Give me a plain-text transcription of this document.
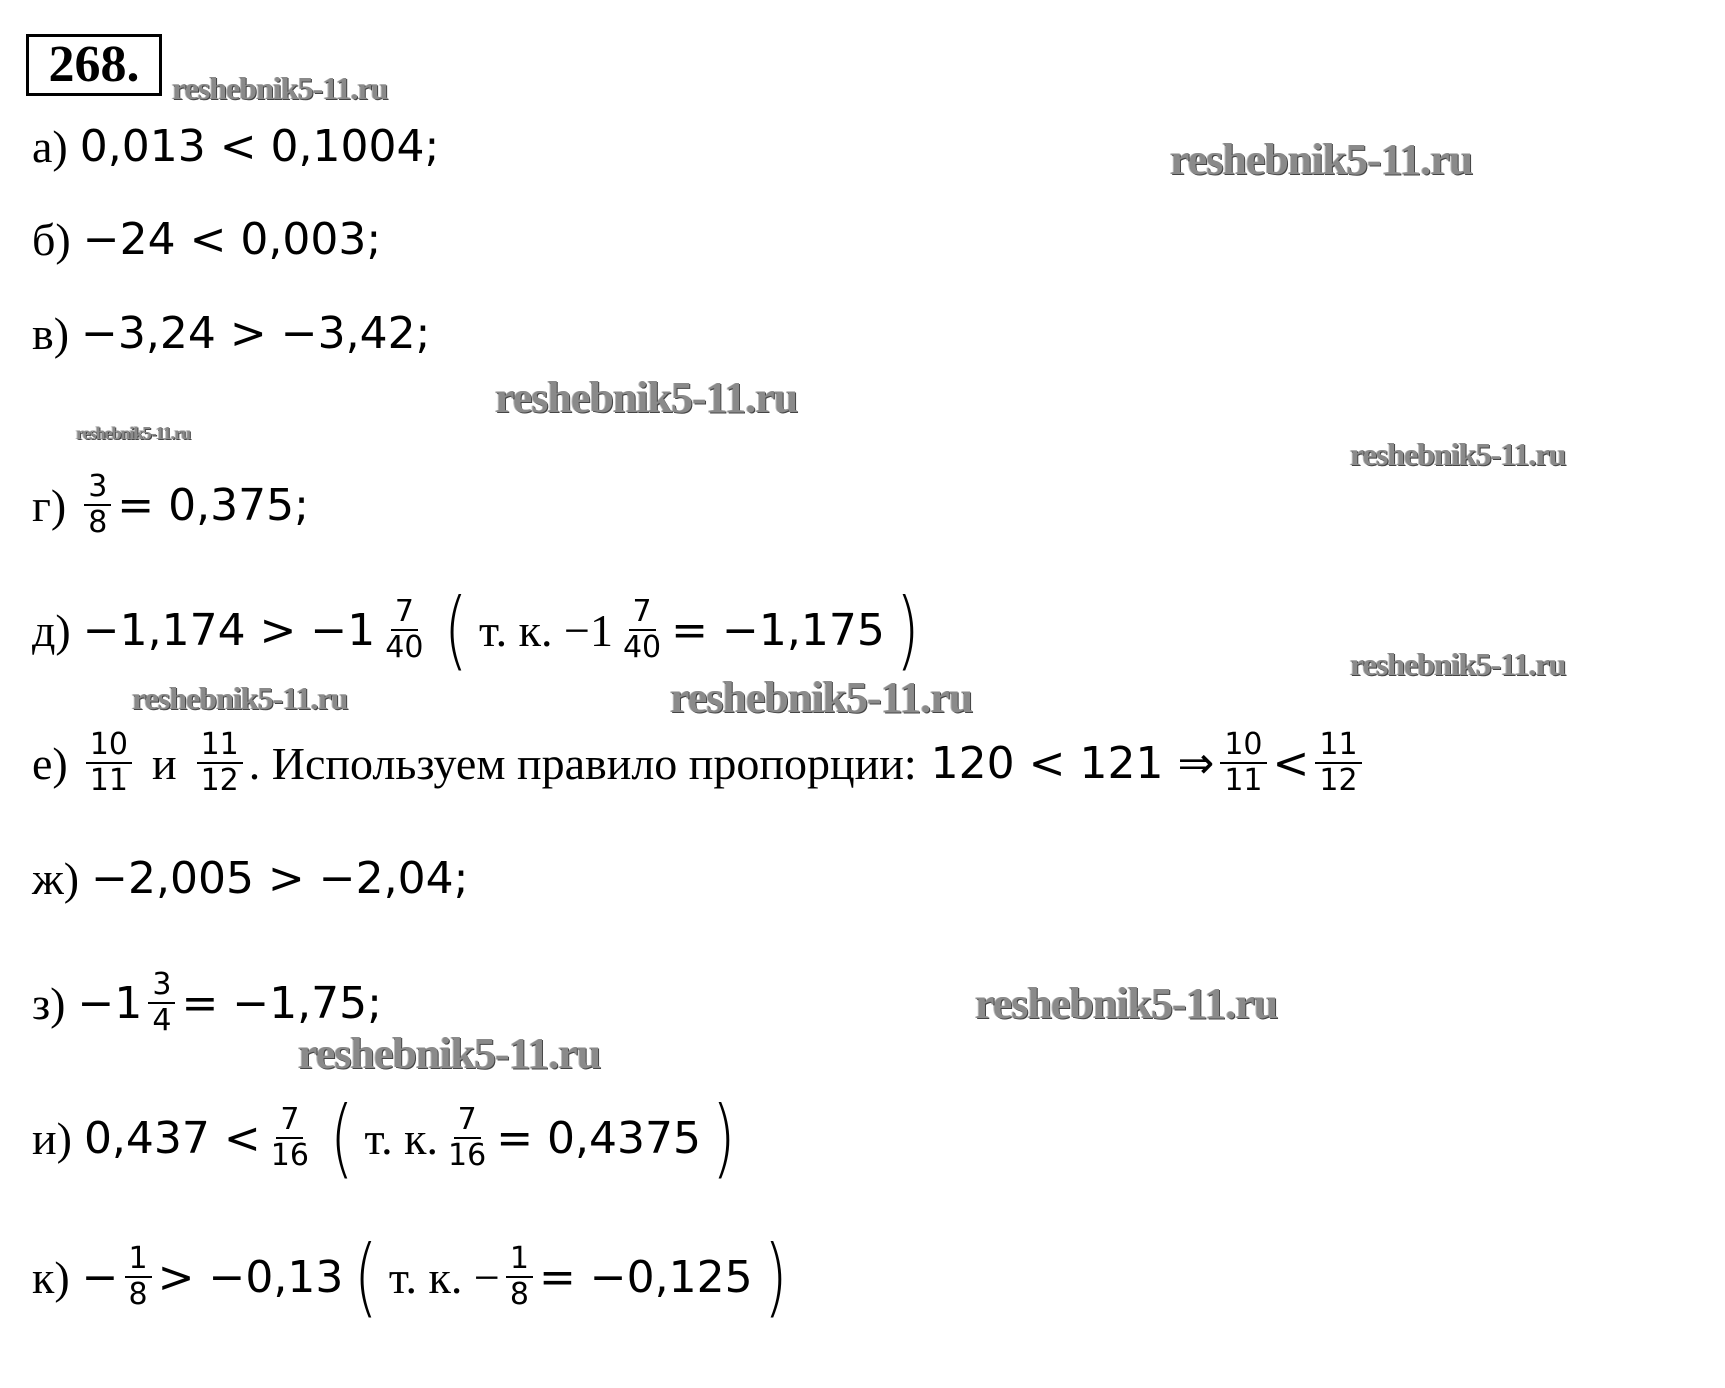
268.
а) 0,013 < 0,1004;
б) −24 < 0,003;
в) −3,24 > −3,42;
$г) \frac{3}{8} = 0,375$;
$д) -1,174 > -1 \frac{7}{40}$ ( т. к. $-1 \frac{7}{40} = -1,175$ )
$е) \frac{10}{11}$ и $\frac{11}{12}$ . Используем правило пропорции: 120 < 121 ⇒ $\frac{10}{11} < \frac{11}{12}$
ж) −2,005 > −2,04;
$з) -1 \frac{3}{4} = -1,75$;
и) $0,437 < \frac{7}{16}$ ( т. к. $\frac{7}{16} = 0,4375$ )
$к) - \frac{1}{8} > -0,13$ ( т. к. − $\frac{1}{8} = -0,125$ )
reshebnik5-11.ru
reshebnik5-11.ru
reshebnik5-11.ru
reshebnik5-11.ru
reshebnik5-11.ru
reshebnik5-11.ru
reshebnik5-11.ru	reshebnik5-11.ru
reshebnik5-11.ru
reshebnik5-11.ru
